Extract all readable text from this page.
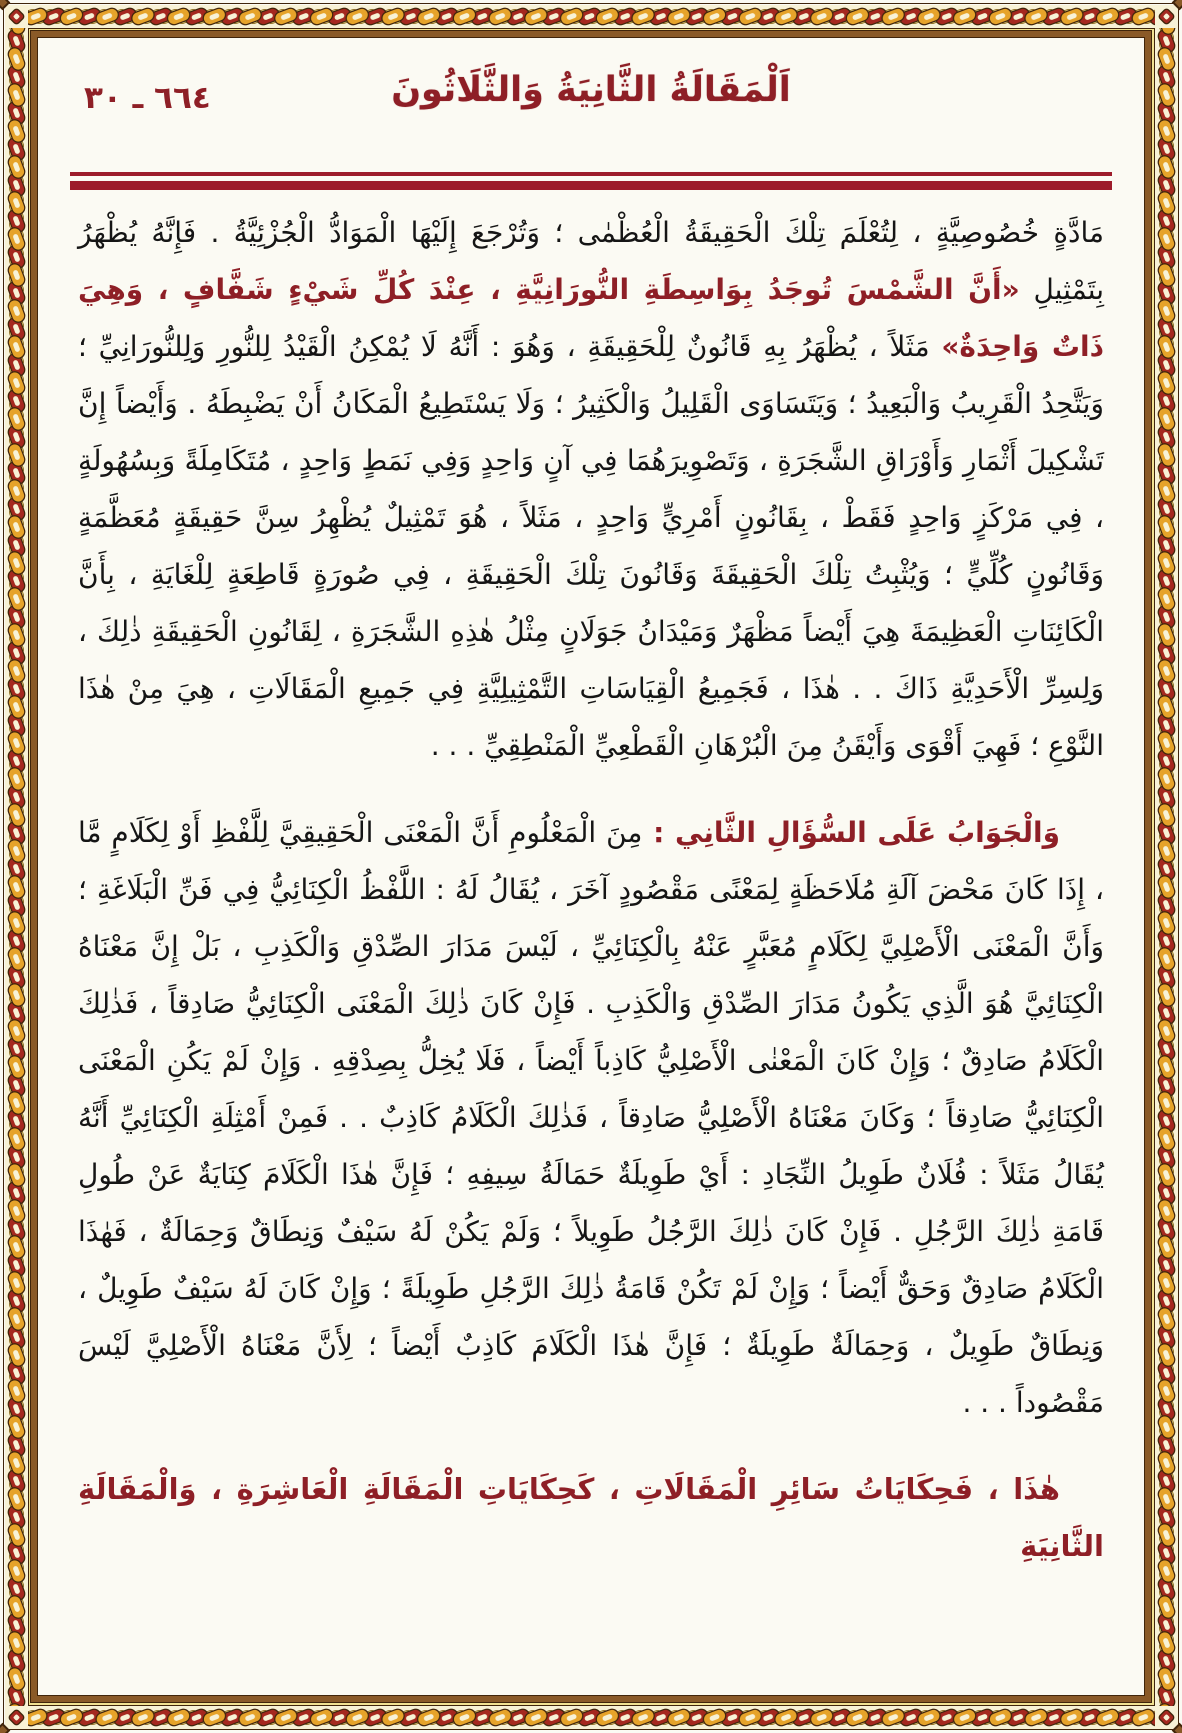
٦٦٤ ـ ٣٠	اَلْمَقَالَةُ الثَّانِيَةُ وَالثَّلَاثُونَ

مَادَّةٍ خُصُوصِيَّةٍ ، لِتُعْلَمَ تِلْكَ الْحَقِيقَةُ الْعُظْمٰى ؛ وَتُرْجَعَ إِلَيْهَا الْمَوَادُّ الْجُزْئِيَّةُ . فَإِنَّهُ يُظْهَرُ بِتَمْثِيلِ «أَنَّ الشَّمْسَ تُوجَدُ بِوَاسِطَةِ النُّورَانِيَّةِ ، عِنْدَ كُلِّ شَيْءٍ شَفَّافٍ ، وَهِيَ ذَاتٌ وَاحِدَةٌ» مَثَلاً ، يُظْهَرُ بِهِ قَانُونٌ لِلْحَقِيقَةِ ، وَهُوَ : أَنَّهُ لَا يُمْكِنُ الْقَيْدُ لِلنُّورِ وَلِلنُّورَانِيِّ ؛ وَيَتَّحِدُ الْقَرِيبُ وَالْبَعِيدُ ؛ وَيَتَسَاوَى الْقَلِيلُ وَالْكَثِيرُ ؛ وَلَا يَسْتَطِيعُ الْمَكَانُ أَنْ يَضْبِطَهُ . وَأَيْضاً إِنَّ تَشْكِيلَ أَثْمَارِ وَأَوْرَاقِ الشَّجَرَةِ ، وَتَصْوِيرَهُمَا فِي آنٍ وَاحِدٍ وَفِي نَمَطٍ وَاحِدٍ ، مُتَكَامِلَةً وَبِسُهُولَةٍ ، فِي مَرْكَزٍ وَاحِدٍ فَقَطْ ، بِقَانُونٍ أَمْرِيٍّ وَاحِدٍ ، مَثَلاً ، هُوَ تَمْثِيلٌ يُظْهِرُ سِنَّ حَقِيقَةٍ مُعَظَّمَةٍ وَقَانُونٍ كُلِّيٍّ ؛ وَيُثْبِتُ تِلْكَ الْحَقِيقَةَ وَقَانُونَ تِلْكَ الْحَقِيقَةِ ، فِي صُورَةٍ قَاطِعَةٍ لِلْغَايَةِ ، بِأَنَّ الْكَائِنَاتِ الْعَظِيمَةَ هِيَ أَيْضاً مَظْهَرٌ وَمَيْدَانُ جَوَلَانٍ مِثْلُ هٰذِهِ الشَّجَرَةِ ، لِقَانُونِ الْحَقِيقَةِ ذٰلِكَ ، وَلِسِرِّ الْأَحَدِيَّةِ ذَاكَ . . هٰذَا ، فَجَمِيعُ الْقِيَاسَاتِ التَّمْثِيلِيَّةِ فِي جَمِيعِ الْمَقَالَاتِ ، هِيَ مِنْ هٰذَا النَّوْعِ ؛ فَهِيَ أَقْوَى وَأَيْقَنُ مِنَ الْبُرْهَانِ الْقَطْعِيِّ الْمَنْطِقِيِّ . . .

وَالْجَوَابُ عَلَى السُّؤَالِ الثَّانِي : مِنَ الْمَعْلُومِ أَنَّ الْمَعْنَى الْحَقِيقِيَّ لِلَّفْظِ أَوْ لِكَلَامٍ مَّا ، إِذَا كَانَ مَحْضَ آلَةِ مُلَاحَظَةٍ لِمَعْنًى مَقْصُودٍ آخَرَ ، يُقَالُ لَهُ : اللَّفْظُ الْكِنَائِيُّ فِي فَنِّ الْبَلَاغَةِ ؛ وَأَنَّ الْمَعْنَى الْأَصْلِيَّ لِكَلَامٍ مُعَبَّرٍ عَنْهُ بِالْكِنَائِيِّ ، لَيْسَ مَدَارَ الصِّدْقِ وَالْكَذِبِ ، بَلْ إِنَّ مَعْنَاهُ الْكِنَائِيَّ هُوَ الَّذِي يَكُونُ مَدَارَ الصِّدْقِ وَالْكَذِبِ . فَإِنْ كَانَ ذٰلِكَ الْمَعْنَى الْكِنَائِيُّ صَادِقاً ، فَذٰلِكَ الْكَلَامُ صَادِقٌ ؛ وَإِنْ كَانَ الْمَعْنٰى الْأَصْلِيُّ كَاذِباً أَيْضاً ، فَلَا يُخِلُّ بِصِدْقِهِ . وَإِنْ لَمْ يَكُنِ الْمَعْنَى الْكِنَائِيُّ صَادِقاً ؛ وَكَانَ مَعْنَاهُ الْأَصْلِيُّ صَادِقاً ، فَذٰلِكَ الْكَلَامُ كَاذِبٌ . . فَمِنْ أَمْثِلَةِ الْكِنَائِيِّ أَنَّهُ يُقَالُ مَثَلاً : فُلَانٌ طَوِيلُ النِّجَادِ : أَيْ طَوِيلَةٌ حَمَالَةُ سِيفِهِ ؛ فَإِنَّ هٰذَا الْكَلَامَ كِنَايَةٌ عَنْ طُولِ قَامَةِ ذٰلِكَ الرَّجُلِ . فَإِنْ كَانَ ذٰلِكَ الرَّجُلُ طَوِيلاً ؛ وَلَمْ يَكُنْ لَهُ سَيْفٌ وَنِطَاقٌ وَحِمَالَةٌ ، فَهٰذَا الْكَلَامُ صَادِقٌ وَحَقٌّ أَيْضاً ؛ وَإِنْ لَمْ تَكُنْ قَامَةُ ذٰلِكَ الرَّجُلِ طَوِيلَةً ؛ وَإِنْ كَانَ لَهُ سَيْفٌ طَوِيلٌ ، وَنِطَاقٌ طَوِيلٌ ، وَحِمَالَةٌ طَوِيلَةٌ ؛ فَإِنَّ هٰذَا الْكَلَامَ كَاذِبٌ أَيْضاً ؛ لِأَنَّ مَعْنَاهُ الْأَصْلِيَّ لَيْسَ مَقْصُوداً . . .

هٰذَا ، فَحِكَايَاتُ سَائِرِ الْمَقَالَاتِ ، كَحِكَايَاتِ الْمَقَالَةِ الْعَاشِرَةِ ، وَالْمَقَالَةِ الثَّانِيَةِ
